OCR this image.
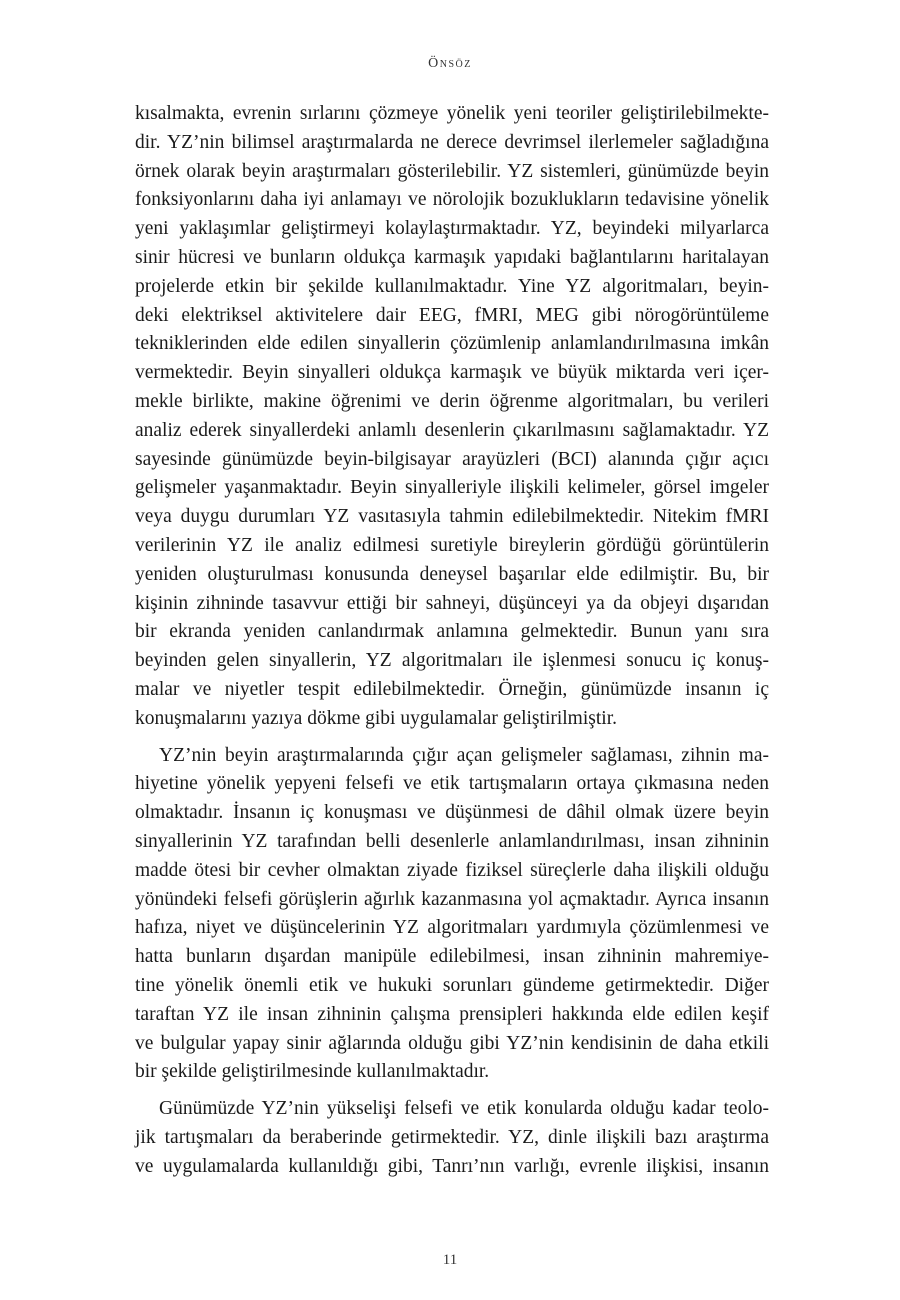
Önsöz

kısalmakta, evrenin sırlarını çözmeye yönelik yeni teoriler geliştirilebilmekte-
dir. YZ’nin bilimsel araştırmalarda ne derece devrimsel ilerlemeler sağladığına
örnek olarak beyin araştırmaları gösterilebilir. YZ sistemleri, günümüzde beyin
fonksiyonlarını daha iyi anlamayı ve nörolojik bozuklukların tedavisine yönelik
yeni yaklaşımlar geliştirmeyi kolaylaştırmaktadır. YZ, beyindeki milyarlarca
sinir hücresi ve bunların oldukça karmaşık yapıdaki bağlantılarını haritalayan
projelerde etkin bir şekilde kullanılmaktadır. Yine YZ algoritmaları, beyin-
deki elektriksel aktivitelere dair EEG, fMRI, MEG gibi nörogörüntüleme
tekniklerinden elde edilen sinyallerin çözümlenip anlamlandırılmasına imkân
vermektedir. Beyin sinyalleri oldukça karmaşık ve büyük miktarda veri içer-
mekle birlikte, makine öğrenimi ve derin öğrenme algoritmaları, bu verileri
analiz ederek sinyallerdeki anlamlı desenlerin çıkarılmasını sağlamaktadır. YZ
sayesinde günümüzde beyin-bilgisayar arayüzleri (BCI) alanında çığır açıcı
gelişmeler yaşanmaktadır. Beyin sinyalleriyle ilişkili kelimeler, görsel imgeler
veya duygu durumları YZ vasıtasıyla tahmin edilebilmektedir. Nitekim fMRI
verilerinin YZ ile analiz edilmesi suretiyle bireylerin gördüğü görüntülerin
yeniden oluşturulması konusunda deneysel başarılar elde edilmiştir. Bu, bir
kişinin zihninde tasavvur ettiği bir sahneyi, düşünceyi ya da objeyi dışarıdan
bir ekranda yeniden canlandırmak anlamına gelmektedir. Bunun yanı sıra
beyinden gelen sinyallerin, YZ algoritmaları ile işlenmesi sonucu iç konuş-
malar ve niyetler tespit edilebilmektedir. Örneğin, günümüzde insanın iç
konuşmalarını yazıya dökme gibi uygulamalar geliştirilmiştir.

YZ’nin beyin araştırmalarında çığır açan gelişmeler sağlaması, zihnin ma-
hiyetine yönelik yepyeni felsefi ve etik tartışmaların ortaya çıkmasına neden
olmaktadır. İnsanın iç konuşması ve düşünmesi de dâhil olmak üzere beyin
sinyallerinin YZ tarafından belli desenlerle anlamlandırılması, insan zihninin
madde ötesi bir cevher olmaktan ziyade fiziksel süreçlerle daha ilişkili olduğu
yönündeki felsefi görüşlerin ağırlık kazanmasına yol açmaktadır. Ayrıca insanın
hafıza, niyet ve düşüncelerinin YZ algoritmaları yardımıyla çözümlenmesi ve
hatta bunların dışardan manipüle edilebilmesi, insan zihninin mahremiye-
tine yönelik önemli etik ve hukuki sorunları gündeme getirmektedir. Diğer
taraftan YZ ile insan zihninin çalışma prensipleri hakkında elde edilen keşif
ve bulgular yapay sinir ağlarında olduğu gibi YZ’nin kendisinin de daha etkili
bir şekilde geliştirilmesinde kullanılmaktadır.

Günümüzde YZ’nin yükselişi felsefi ve etik konularda olduğu kadar teolo-
jik tartışmaları da beraberinde getirmektedir. YZ, dinle ilişkili bazı araştırma
ve uygulamalarda kullanıldığı gibi, Tanrı’nın varlığı, evrenle ilişkisi, insanın

11
